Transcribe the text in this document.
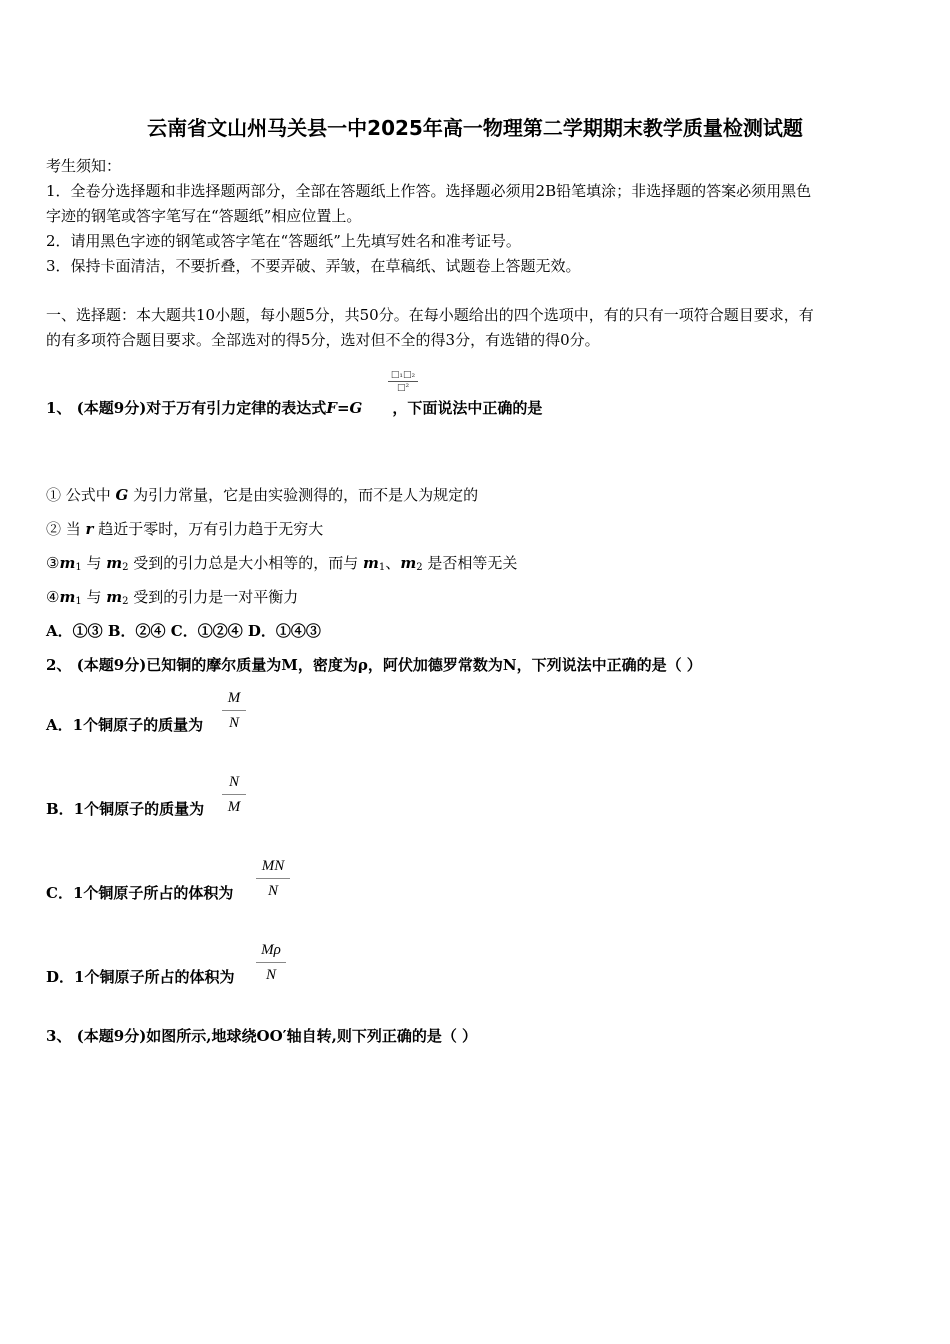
云南省文山州马关县一中2025年高一物理第二学期期末教学质量检测试题
考生须知：
1．全卷分选择题和非选择题两部分，全部在答题纸上作答。选择题必须用2B铅笔填涂；非选择题的答案必须用黑色
字迹的钢笔或答字笔写在“答题纸”相应位置上。
2．请用黑色字迹的钢笔或答字笔在“答题纸”上先填写姓名和准考证号。
3．保持卡面清洁，不要折叠，不要弄破、弄皱，在草稿纸、试题卷上答题无效。
一、选择题：本大题共10小题，每小题5分，共50分。在每小题给出的四个选项中，有的只有一项符合题目要求，有
的有多项符合题目要求。全部选对的得5分，选对但不全的得3分，有选错的得0分。
1、 (本题9分)对于万有引力定律的表达式F=G ，下面说法中正确的是
□₁□₂
□²
① 公式中 G 为引力常量，它是由实验测得的，而不是人为规定的
② 当 r 趋近于零时，万有引力趋于无穷大
$③m_1$ 与 $m_2$ 受到的引力总是大小相等的，而与 $m_1$、$m_2$ 是否相等无关
$④m_1$ 与 $m_2$ 受到的引力是一对平衡力
A．①③ B．②④ C．①②④ D．①④③
2、 (本题9分)已知铜的摩尔质量为M，密度为ρ，阿伏加德罗常数为N，下列说法中正确的是（ ）
A．1个铜原子的质量为
M
N
B．1个铜原子的质量为
N
M
C．1个铜原子所占的体积为
MN
N
D．1个铜原子所占的体积为
Mρ
N
3、 (本题9分)如图所示,地球绕OO′轴自转,则下列正确的是（ ）
